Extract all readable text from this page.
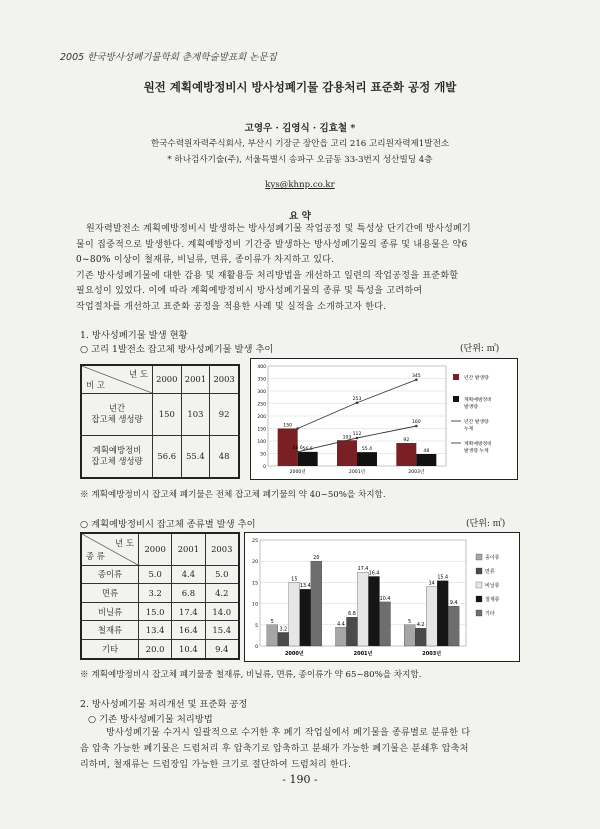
2005 한국방사성폐기물학회 춘계학술발표회 논문집
원전 계획예방정비시 방사성폐기물 감용처리 표준화 공정 개발
고영우 · 김영식 · 김효철 *
한국수력원자력주식회사, 부산시 기장군 장안읍 고리 216 고리원자력제1발전소
* 하나검사기술(주), 서울특별시 송파구 오금동 33-3번지 성산빌딩 4층
kys@khnp.co.kr
요 약
원자력발전소 계획예방정비시 발생하는 방사성폐기물 작업공정 및 특성상 단기간에 방사성폐기
물이 집중적으로 발생한다. 계획예방정비 기간중 발생하는 방사성폐기물의 종류 및 내용물은 약6
0~80% 이상이 철재류, 비닐류, 면류, 종이류가 차지하고 있다.
기존 방사성폐기물에 대한 감용 및 재활용등 처리방법을 개선하고 일련의 작업공정을 표준화할
필요성이 있었다. 이에 따라 계획예방정비시 방사성폐기물의 종류 및 특성을 고려하여
작업절차를 개선하고 표준화 공정을 적용한 사례 및 실적을 소개하고자 한다.
1. 방사성폐기물 발생 현황
○ 고리 1발전소 잡고체 방사성폐기물 발생 추이	(단위: ㎥)
년 도
비 고	2000	2001	2003

년간
잡고체 생성량	150	103	92

계획예방정비
잡고체 생성량	56.6	55.4	48
0
50
100
150
200
250
300
350
400
2000년
150
56.6
2001년
103
55.4
2003년
92
48
253
345
56.6
112
160
년간 발생량
계획예방정비
발생량
년간 발생량
누계
계획예방정비
발생량 누계
※ 계획예방정비시 잡고체 폐기물은 전체 잡고체 폐기물의 약 40~50%을 차지함.
○ 계획예방정비시 잡고체 종류별 발생 추이	(단위: ㎥)
년 도
종 류	2000	2001	2003
종이류	5.0	4.4	5.0
면류	3.2	6.8	4.2
비닐류	15.0	17.4	14.0
철재류	13.4	16.4	15.4
기타	20.0	10.4	9.4	0
5
10
15
20
25
2000년
5
3.2
15
13.4
20
2001년
4.4
6.8
17.4
16.4
10.4
2003년
5
4.2
14
15.4
9.4
종이류
면류
비닐류
철재류
기타
※ 계획예방정비시 잡고체 폐기물중 철재류, 비닐류, 면류, 종이류가 약 65~80%을 차지함.
2. 방사성폐기물 처리개선 및 표준화 공정
○ 기존 방사성폐기물 처리방법
방사성폐기물 수거시 일괄적으로 수거한 후 폐기 작업실에서 폐기물을 종류별로 분류한 다
음 압축 가능한 폐기물은 드럼처리 후 압축기로 압축하고 분쇄가 가능한 폐기물은 분쇄후 압축처
리하며, 철재류는 드럼장입 가능한 크기로 절단하여 드럼처리 한다.
- 190 -
